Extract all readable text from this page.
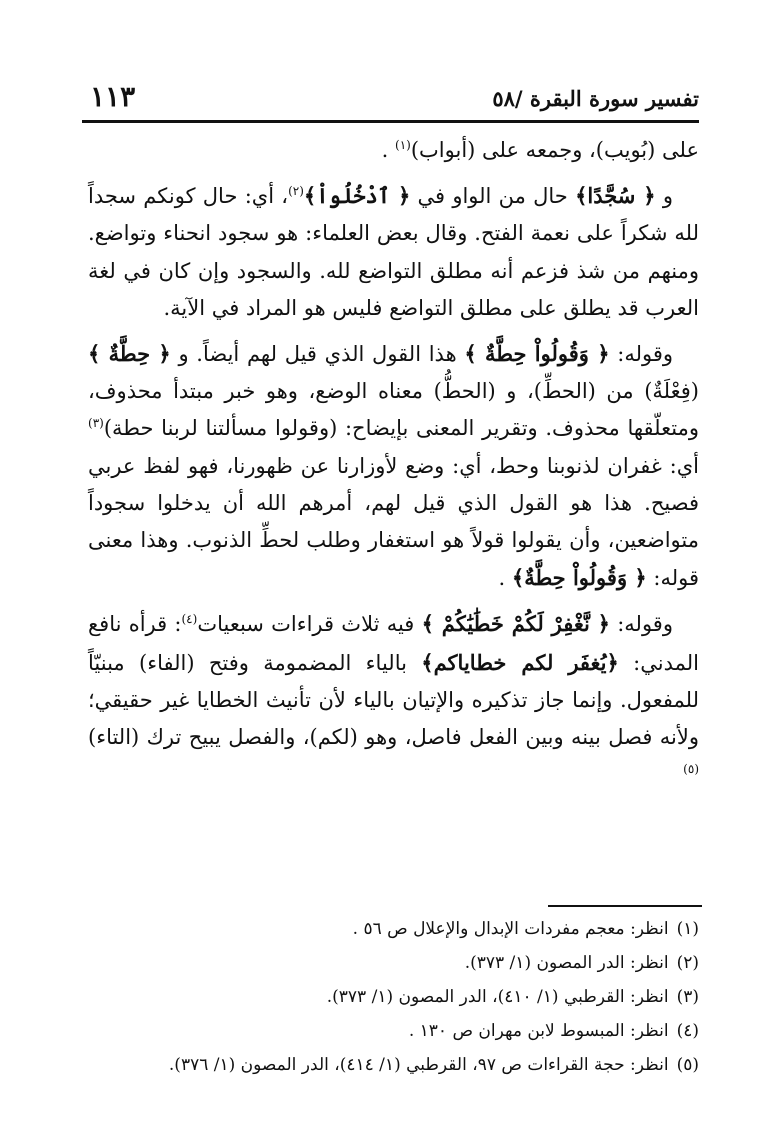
تفسير سورة البقرة /٥٨
١١٣

على (بُويب)، وجمعه على (أبواب)$^{(١)}$ .

و ﴿ سُجَّدًا﴾ حال من الواو في ﴿ ٱدْخُلُواْ﴾$^{(٢)}$، أي: حال كونكم سجداً لله شكراً على نعمة الفتح. وقال بعض العلماء: هو سجود انحناء وتواضع. ومنهم من شذ فزعم أنه مطلق التواضع لله. والسجود وإن كان في لغة العرب قد يطلق على مطلق التواضع فليس هو المراد في الآية.

وقوله: ﴿ وَقُولُواْ حِطَّةٌ ﴾ هذا القول الذي قيل لهم أيضاً. و ﴿ حِطَّةٌ ﴾ (فِعْلَةٌ) من (الحطِّ)، و (الحطُّ) معناه الوضع، وهو خبر مبتدأ محذوف، ومتعلّقها محذوف. وتقرير المعنى بإيضاح: (وقولوا مسألتنا لربنا حطة)$^{(٣)}$ أي: غفران لذنوبنا وحط، أي: وضع لأوزارنا عن ظهورنا، فهو لفظ عربي فصيح. هذا هو القول الذي قيل لهم، أمرهم الله أن يدخلوا سجوداً متواضعين، وأن يقولوا قولاً هو استغفار وطلب لحطِّ الذنوب. وهذا معنى قوله: ﴿ وَقُولُواْ حِطَّةٌ﴾ .

وقوله: ﴿ نَّغْفِرْ لَكُمْ خَطَٰيَٰكُمْ ﴾ فيه ثلاث قراءات سبعيات$^{(٤)}$: قرأه نافع المدني: ﴿يُغفَر لكم خطاياكم﴾ بالياء المضمومة وفتح (الفاء) مبنيّاً للمفعول. وإنما جاز تذكيره والإتيان بالياء لأن تأنيث الخطايا غير حقيقي؛ ولأنه فصل بينه وبين الفعل فاصل، وهو (لكم)، والفصل يبيح ترك (التاء)$^{(٥)}$

(١)انظر: معجم مفردات الإبدال والإعلال ص ٥٦ .
(٢)انظر: الدر المصون (١/ ٣٧٣).
(٣)انظر: القرطبي (١/ ٤١٠)، الدر المصون (١/ ٣٧٣).
(٤)انظر: المبسوط لابن مهران ص ١٣٠ .
(٥)انظر: حجة القراءات ص ٩٧، القرطبي (١/ ٤١٤)، الدر المصون (١/ ٣٧٦).
